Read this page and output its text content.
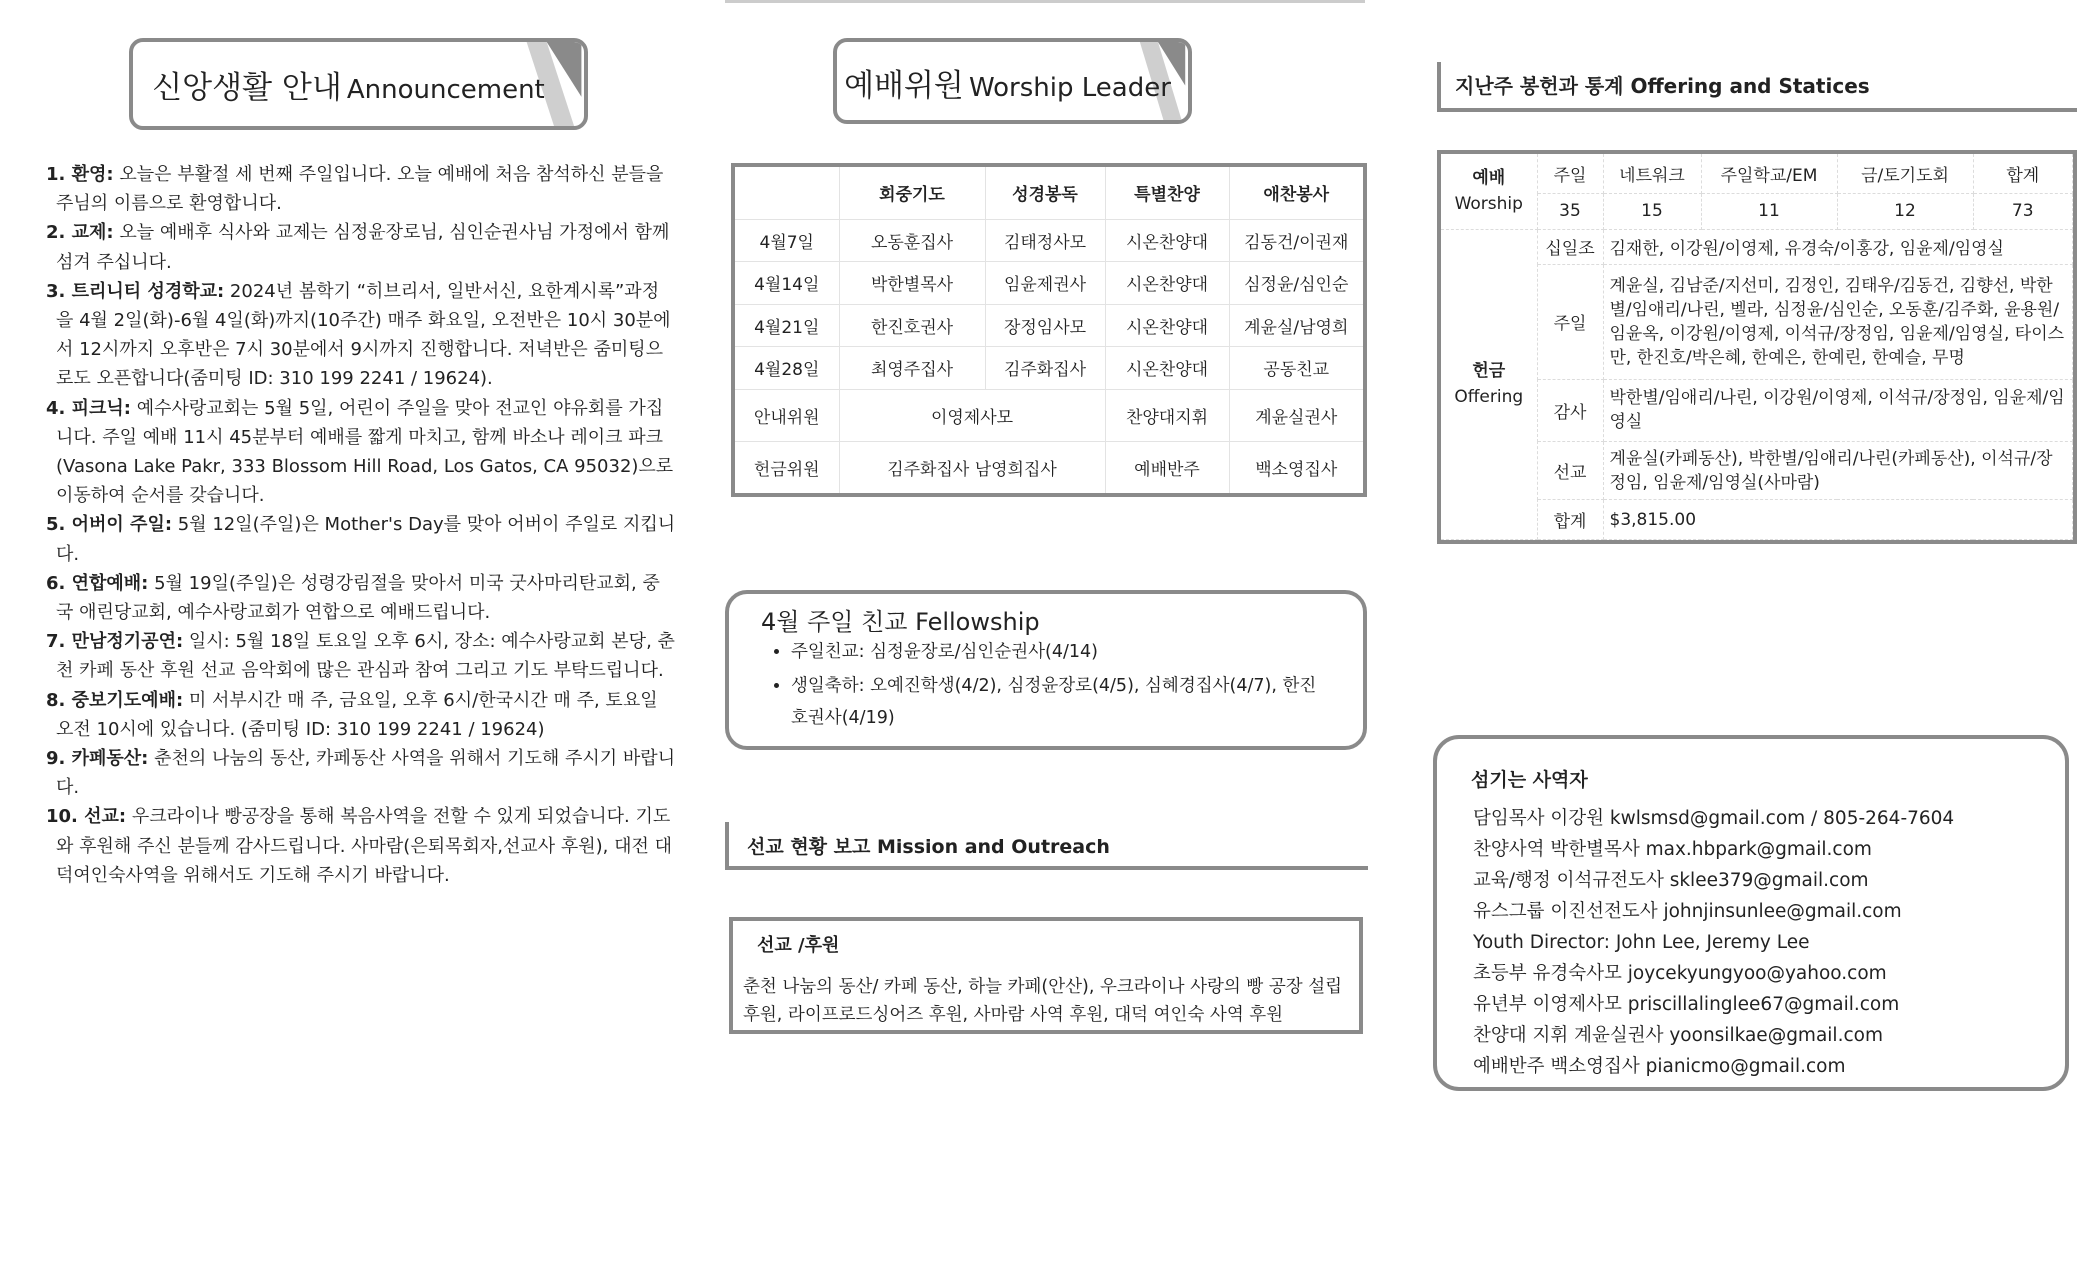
신앙생활 안내 Announcement

1. 환영: 오늘은 부활절 세 번째 주일입니다. 오늘 예배에 처음 참석하신 분들을 주님의 이름으로 환영합니다.

2. 교제: 오늘 예배후 식사와 교제는 심정윤장로님, 심인순권사님 가정에서 함께 섬겨 주십니다.

3. 트리니티 성경학교: 2024년 봄학기 “히브리서, 일반서신, 요한계시록”과정을 4월 2일(화)-6월 4일(화)까지(10주간) 매주 화요일, 오전반은 10시 30분에서 12시까지 오후반은 7시 30분에서 9시까지 진행합니다. 저녁반은 줌미팅으로도 오픈합니다(줌미팅 ID: 310 199 2241 / 19624).

4. 피크닉: 예수사랑교회는 5월 5일, 어린이 주일을 맞아 전교인 야유회를 가집니다. 주일 예배 11시 45분부터 예배를 짧게 마치고, 함께 바소나 레이크 파크(Vasona Lake Pakr, 333 Blossom Hill Road, Los Gatos, CA 95032)으로 이동하여 순서를 갖습니다.

5. 어버이 주일: 5월 12일(주일)은 Mother's Day를 맞아 어버이 주일로 지킵니다.

6. 연합예배: 5월 19일(주일)은 성령강림절을 맞아서 미국 굿사마리탄교회, 중국 애린당교회, 예수사랑교회가 연합으로 예배드립니다.

7. 만남정기공연: 일시: 5월 18일 토요일 오후 6시, 장소: 예수사랑교회 본당, 춘천 카페 동산 후원 선교 음악회에 많은 관심과 참여 그리고 기도 부탁드립니다.

8. 중보기도예배: 미 서부시간 매 주, 금요일, 오후 6시/한국시간 매 주, 토요일 오전 10시에 있습니다. (줌미팅 ID: 310 199 2241 / 19624)

9. 카페동산: 춘천의 나눔의 동산, 카페동산 사역을 위해서 기도해 주시기 바랍니다.

10. 선교: 우크라이나 빵공장을 통해 복음사역을 전할 수 있게 되었습니다. 기도와 후원해 주신 분들께 감사드립니다. 사마람(은퇴목회자,선교사 후원), 대전 대덕여인숙사역을 위해서도 기도해 주시기 바랍니다.

예배위원 Worship Leader
	회중기도	성경봉독	특별찬양	애찬봉사
4월7일	오동훈집사	김태정사모	시온찬양대	김동건/이권재
4월14일	박한별목사	임윤제권사	시온찬양대	심정윤/심인순
4월21일	한진호권사	장정임사모	시온찬양대	계윤실/남영희
4월28일	최영주집사	김주화집사	시온찬양대	공동친교
안내위원	이영제사모		찬양대지휘	계윤실권사
헌금위원	김주화집사 남영희집사		예배반주	백소영집사
4월 주일 친교 Fellowship
• 주일친교: 심정윤장로/심인순권사(4/14)
• 생일축하: 오예진학생(4/2), 심정윤장로(4/5), 심혜경집사(4/7), 한진호권사(4/19)
선교 현황 보고 Mission and Outreach
선교 /후원
춘천 나눔의 동산/ 카페 동산, 하늘 카페(안산), 우크라이나 사랑의 빵 공장 설립 후원, 라이프로드싱어즈 후원, 사마람 사역 후원, 대덕 여인숙 사역 후원
지난주 봉헌과 통계 Offering and Statices
예배
Worship	주일	네트워크	주일학교/EM	금/토기도회	합계
	35	15	11	12	73
헌금
Offering	십일조	김재한, 이강원/이영제, 유경숙/이홍강, 임윤제/임영실			
	주일	계윤실, 김남준/지선미, 김정인, 김태우/김동건, 김향선, 박한별/임애리/나린, 벨라, 심정윤/심인순, 오동훈/김주화, 윤용원/임윤옥, 이강원/이영제, 이석규/장정임, 임윤제/임영실, 타이스만, 한진호/박은혜, 한예은, 한예린, 한예슬, 무명			
	감사	박한별/임애리/나린, 이강원/이영제, 이석규/장정임, 임윤제/임영실			
	선교	계윤실(카페동산), 박한별/임애리/나린(카페동산), 이석규/장정임, 임윤제/임영실(사마람)			
	합계	$3,815.00			
섬기는 사역자
담임목사 이강원 kwlsmsd@gmail.com / 805-264-7604
찬양사역 박한별목사 max.hbpark@gmail.com
교육/행정 이석규전도사 sklee379@gmail.com
유스그룹 이진선전도사 johnjinsunlee@gmail.com
Youth Director: John Lee, Jeremy Lee
초등부 유경숙사모 joycekyungyoo@yahoo.com
유년부 이영제사모 priscillalinglee67@gmail.com
찬양대 지휘 계윤실권사 yoonsilkae@gmail.com
예배반주 백소영집사 pianicmo@gmail.com
